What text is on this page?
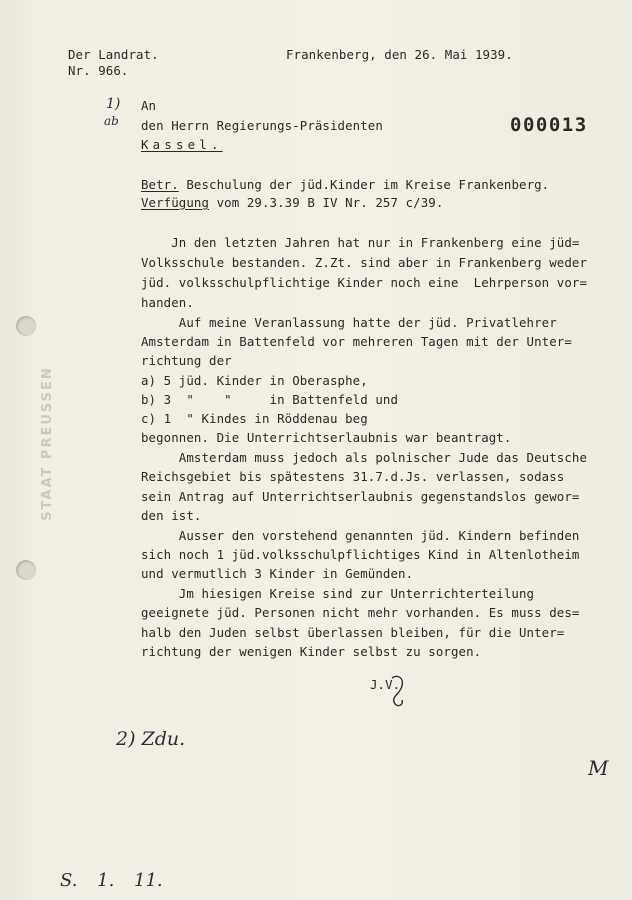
STAAT PREUSSEN
Der Landrat.
Nr. 966.
Frankenberg, den 26. Mai 1939.
1)
ab
An
den Herrn Regierungs-Präsidenten
Kassel.
000013
Betr. Beschulung der jüd.Kinder im Kreise Frankenberg.
Verfügung vom 29.3.39 B IV Nr. 257 c/39.
Jn den letzten Jahren hat nur in Frankenberg eine jüd=
Volksschule bestanden. Z.Zt. sind aber in Frankenberg weder
jüd. volksschulpflichtige Kinder noch eine  Lehrperson vor=
handen.
Auf meine Veranlassung hatte der jüd. Privatlehrer
Amsterdam in Battenfeld vor mehreren Tagen mit der Unter=
richtung der
a) 5 jüd. Kinder in Oberasphe,
b) 3  "    "     in Battenfeld und
c) 1  " Kindes in Röddenau beg
begonnen. Die Unterrichtserlaubnis war beantragt.
Amsterdam muss jedoch als polnischer Jude das Deutsche
Reichsgebiet bis spätestens 31.7.d.Js. verlassen, sodass
sein Antrag auf Unterrichtserlaubnis gegenstandslos gewor=
den ist.
Ausser den vorstehend genannten jüd. Kindern befinden
sich noch 1 jüd.volksschulpflichtiges Kind in Altenlotheim
und vermutlich 3 Kinder in Gemünden.
Jm hiesigen Kreise sind zur Unterrichterteilung
geeignete jüd. Personen nicht mehr vorhanden. Es muss des=
halb den Juden selbst überlassen bleiben, für die Unter=
richtung der wenigen Kinder selbst zu sorgen.
J.V.
2) Zdu.
M
S. 1. 11.
